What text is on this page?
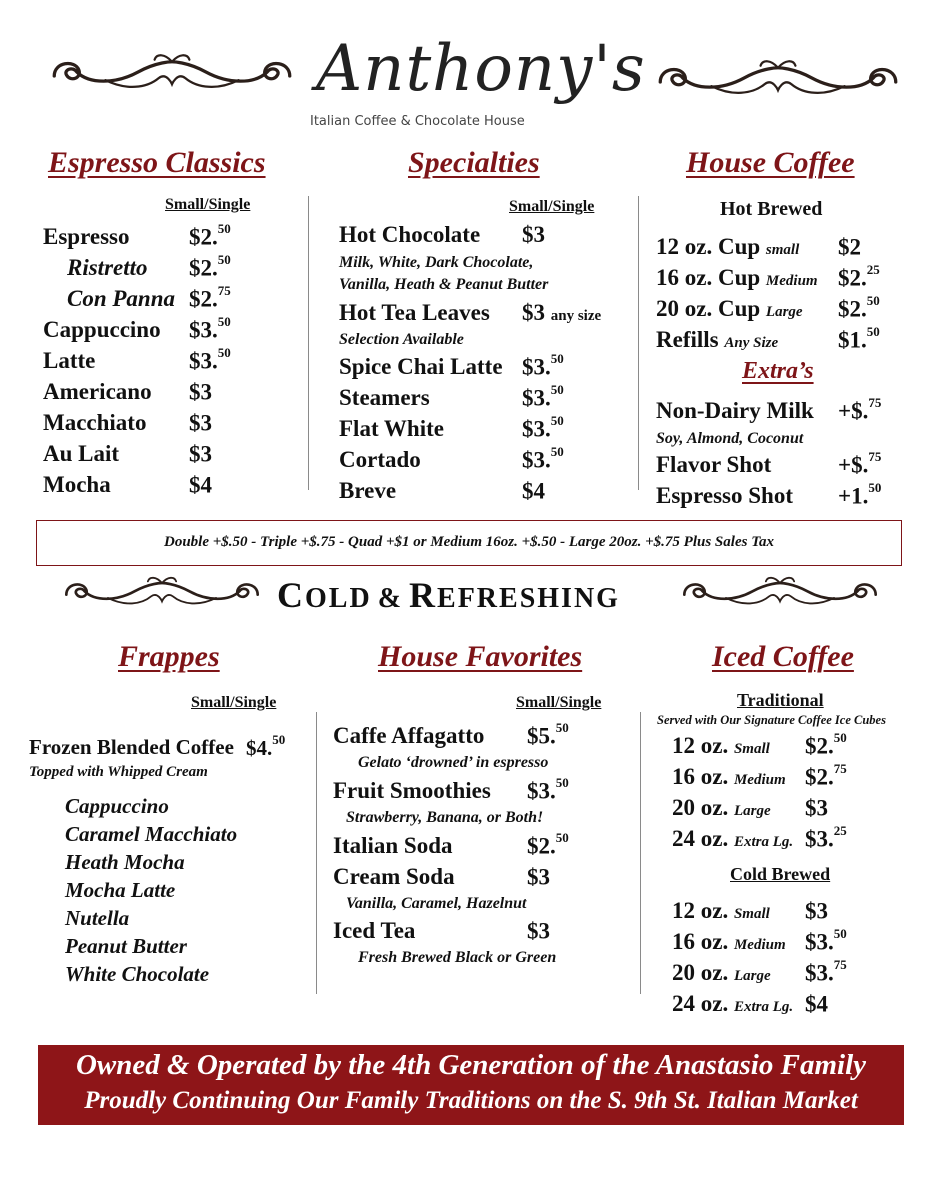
Anthony's
Italian Coffee & Chocolate House
Espresso Classics
Small/Single
Espresso	$2.50
Ristretto $2.50
Con Panna $2.75
Cappuccino $3.50
Latte	$3.50
Americano $3
Macchiato $3
Au Lait	$3
Mocha	$4
Specialties
Small/Single
Hot Chocolate $3
Milk, White, Dark Chocolate,
Vanilla, Heath & Peanut Butter
Hot Tea Leaves $3 any size
Selection Available
Spice Chai Latte $3.50
Steamers	$3.50
Flat White	$3.50
Cortado	$3.50
Breve	$4
House Coffee
Hot Brewed
12 oz. Cup small $2
16 oz. Cup Medium $2.25
20 oz. Cup Large $2.50
Refills Any Size	$1.50
Extra’s
Non-Dairy Milk +$.$^{75}$
Soy, Almond, Coconut
Flavor Shot	+$.$^{75}$
Espresso Shot +1.50
Double +$.50 - Triple +$.75 - Quad +$1 or Medium 16oz. +$.50 - Large 20oz. +$.75 Plus Sales Tax
COLD & REFRESHING
Frappes
Small/Single
Frozen Blended Coffee $4.50
Topped with Whipped Cream
Cappuccino
Caramel Macchiato
Heath Mocha
Mocha Latte
Nutella
Peanut Butter
White Chocolate
House Favorites
Small/Single
Caffe Affagatto $5.50
Gelato ‘drowned’ in espresso
Fruit Smoothies $3.50
Strawberry, Banana, or Both!
Italian Soda	$2.50
Cream Soda	$3
Vanilla, Caramel, Hazelnut
Iced Tea	$3
Fresh Brewed Black or Green
Iced Coffee
Traditional
Served with Our Signature Coffee Ice Cubes
12 oz. Small $2.50
16 oz. Medium $2.75
20 oz. Large $3
24 oz. Extra Lg. $3.25
Cold Brewed
12 oz. Small $3
16 oz. Medium $3.50
20 oz. Large $3.75
24 oz. Extra Lg. $4
Owned & Operated by the 4th Generation of the Anastasio Family
Proudly Continuing Our Family Traditions on the S. 9th St. Italian Market
